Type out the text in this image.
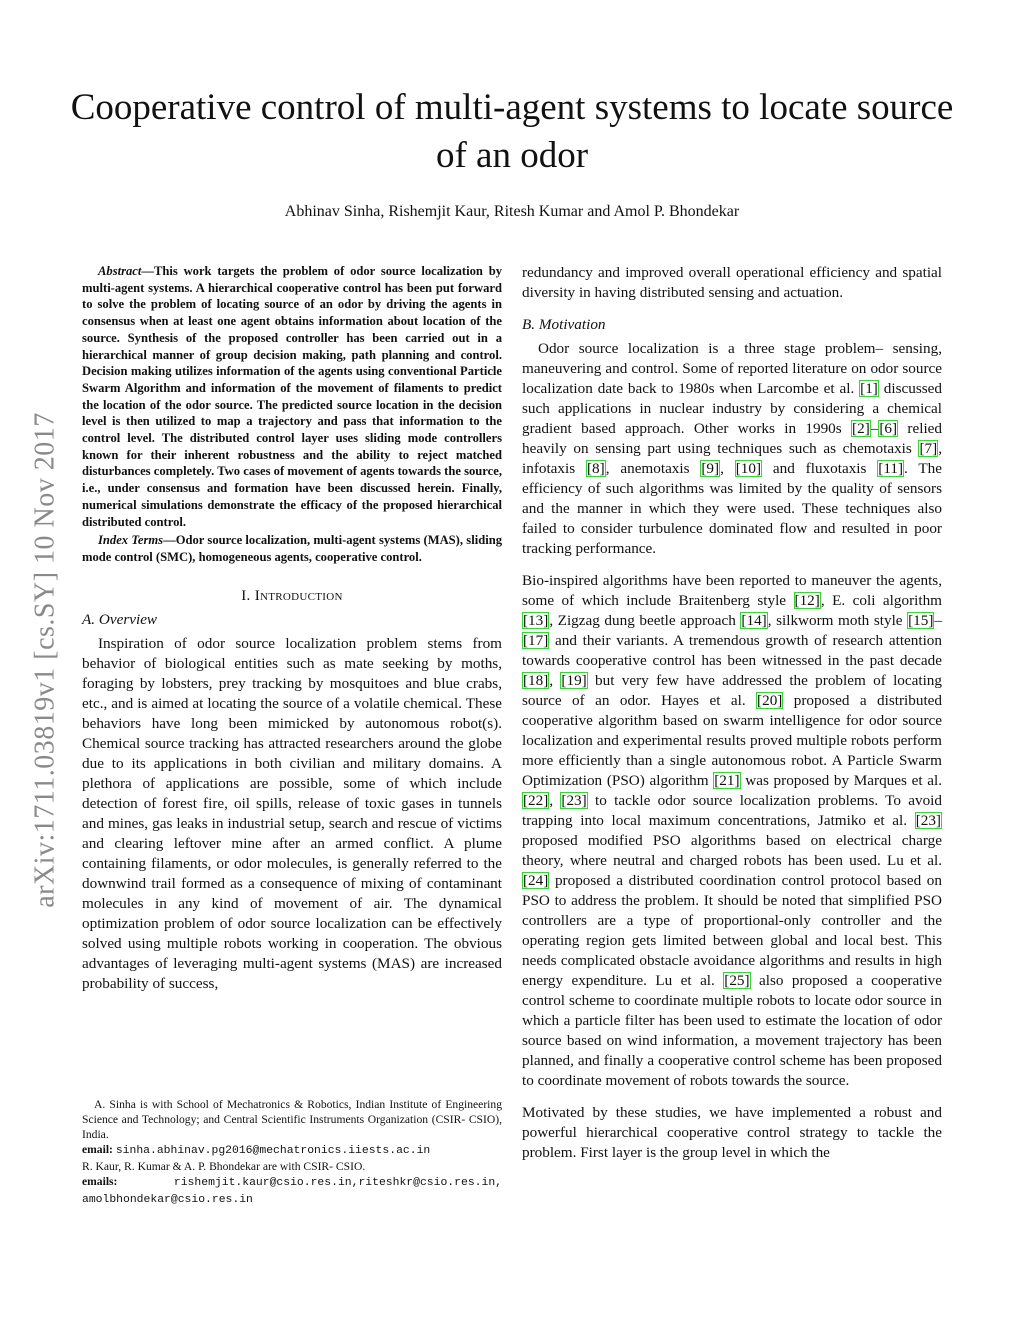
arXiv:1711.03819v1 [cs.SY] 10 Nov 2017
Cooperative control of multi-agent systems to locate source of an odor
Abhinav Sinha, Rishemjit Kaur, Ritesh Kumar and Amol P. Bhondekar

Abstract—This work targets the problem of odor source localization by multi-agent systems. A hierarchical cooperative control has been put forward to solve the problem of locating source of an odor by driving the agents in consensus when at least one agent obtains information about location of the source. Synthesis of the proposed controller has been carried out in a hierarchical manner of group decision making, path planning and control. Decision making utilizes information of the agents using conventional Particle Swarm Algorithm and information of the movement of filaments to predict the location of the odor source. The predicted source location in the decision level is then utilized to map a trajectory and pass that information to the control level. The distributed control layer uses sliding mode controllers known for their inherent robustness and the ability to reject matched disturbances completely. Two cases of movement of agents towards the source, i.e., under consensus and formation have been discussed herein. Finally, numerical simulations demonstrate the efficacy of the proposed hierarchical distributed control.

Index Terms—Odor source localization, multi-agent systems (MAS), sliding mode control (SMC), homogeneous agents, cooperative control.

I. Introduction
A. Overview

Inspiration of odor source localization problem stems from behavior of biological entities such as mate seeking by moths, foraging by lobsters, prey tracking by mosquitoes and blue crabs, etc., and is aimed at locating the source of a volatile chemical. These behaviors have long been mimicked by autonomous robot(s). Chemical source tracking has attracted researchers around the globe due to its applications in both civilian and military domains. A plethora of applications are possible, some of which include detection of forest fire, oil spills, release of toxic gases in tunnels and mines, gas leaks in industrial setup, search and rescue of victims and clearing leftover mine after an armed conflict. A plume containing filaments, or odor molecules, is generally referred to the downwind trail formed as a consequence of mixing of contaminant molecules in any kind of movement of air. The dynamical optimization problem of odor source localization can be effectively solved using multiple robots working in cooperation. The obvious advantages of leveraging multi-agent systems (MAS) are increased probability of success,

A. Sinha is with School of Mechatronics & Robotics, Indian Institute of Engineering Science and Technology; and Central Scientific Instruments Organization (CSIR- CSIO), India.

email: sinha.abhinav.pg2016@mechatronics.iiests.ac.in

R. Kaur, R. Kumar & A. P. Bhondekar are with CSIR- CSIO.

emails:	rishemjit.kaur@csio.res.in,riteshkr@csio.res.in, amolbhondekar@csio.res.in

redundancy and improved overall operational efficiency and spatial diversity in having distributed sensing and actuation.

B. Motivation

Odor source localization is a three stage problem– sensing, maneuvering and control. Some of reported literature on odor source localization date back to 1980s when Larcombe et al. [1] discussed such applications in nuclear industry by considering a chemical gradient based approach. Other works in 1990s [2]–[6] relied heavily on sensing part using techniques such as chemotaxis [7], infotaxis [8], anemotaxis [9], [10] and fluxotaxis [11]. The efficiency of such algorithms was limited by the quality of sensors and the manner in which they were used. These techniques also failed to consider turbulence dominated flow and resulted in poor tracking performance.

Bio-inspired algorithms have been reported to maneuver the agents, some of which include Braitenberg style [12], E. coli algorithm [13], Zigzag dung beetle approach [14], silkworm moth style [15]–[17] and their variants. A tremendous growth of research attention towards cooperative control has been witnessed in the past decade [18], [19] but very few have addressed the problem of locating source of an odor. Hayes et al. [20] proposed a distributed cooperative algorithm based on swarm intelligence for odor source localization and experimental results proved multiple robots perform more efficiently than a single autonomous robot. A Particle Swarm Optimization (PSO) algorithm [21] was proposed by Marques et al. [22], [23] to tackle odor source localization problems. To avoid trapping into local maximum concentrations, Jatmiko et al. [23] proposed modified PSO algorithms based on electrical charge theory, where neutral and charged robots has been used. Lu et al. [24] proposed a distributed coordination control protocol based on PSO to address the problem. It should be noted that simplified PSO controllers are a type of proportional-only controller and the operating region gets limited between global and local best. This needs complicated obstacle avoidance algorithms and results in high energy expenditure. Lu et al. [25] also proposed a cooperative control scheme to coordinate multiple robots to locate odor source in which a particle filter has been used to estimate the location of odor source based on wind information, a movement trajectory has been planned, and finally a cooperative control scheme has been proposed to coordinate movement of robots towards the source.

Motivated by these studies, we have implemented a robust and powerful hierarchical cooperative control strategy to tackle the problem. First layer is the group level in which the
